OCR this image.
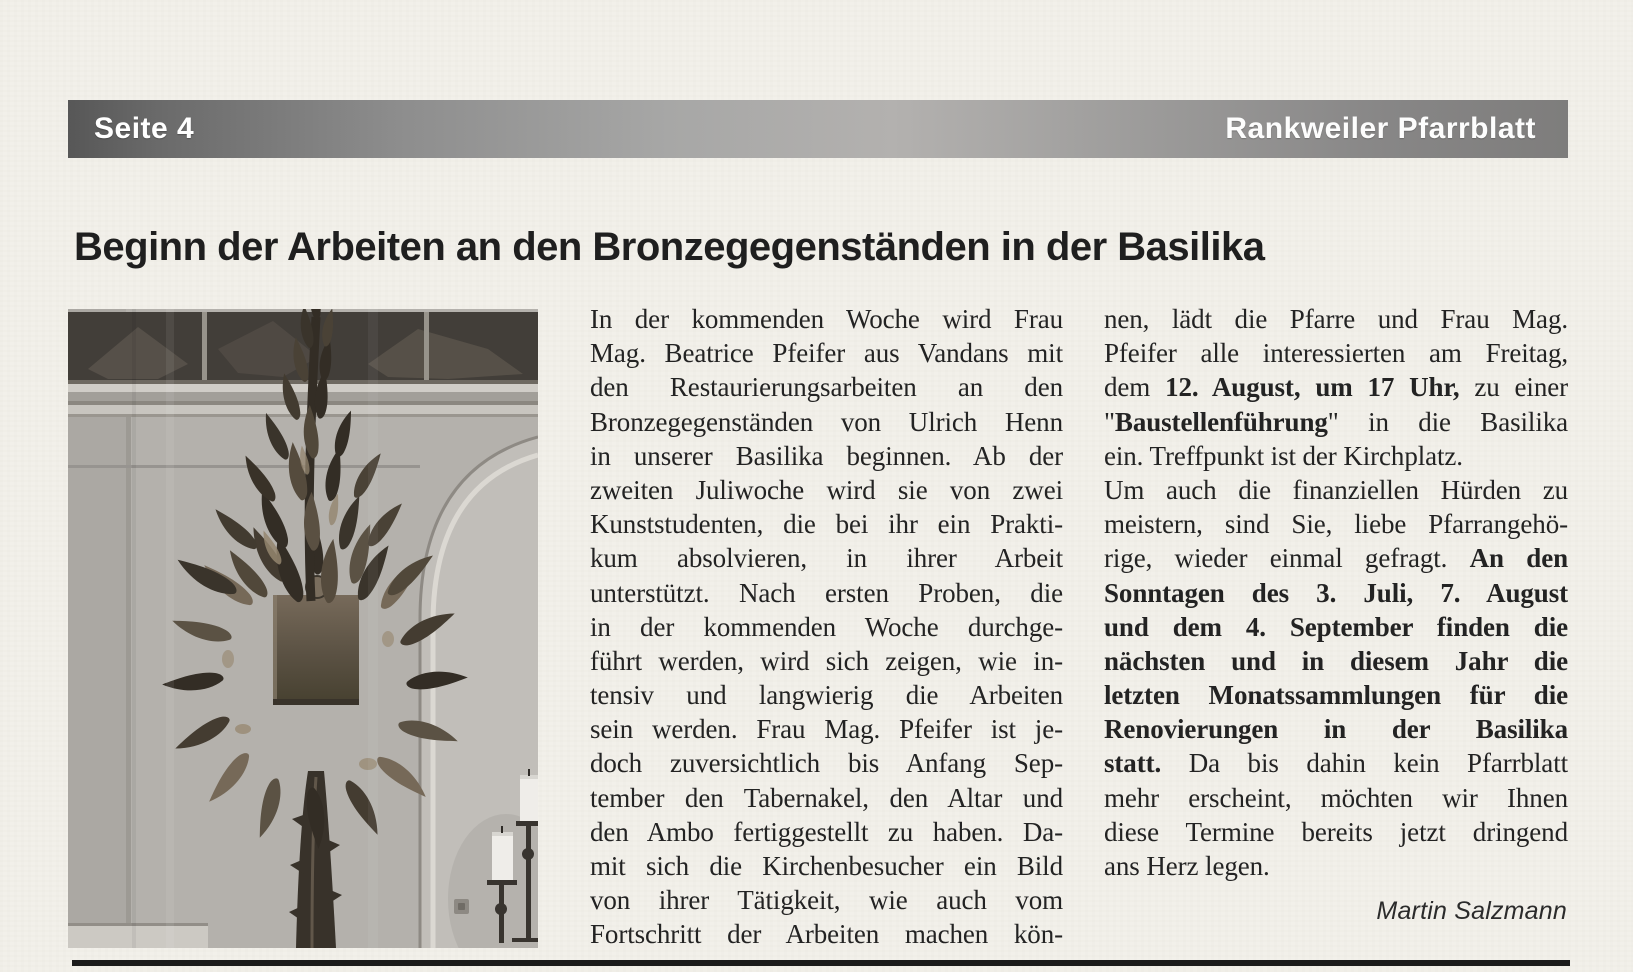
Seite 4	Rankweiler Pfarrblatt
Beginn der Arbeiten an den Bronzegegenständen in der Basilika
In der kommenden Woche wird Frau
Mag. Beatrice Pfeifer aus Vandans mit
den Restaurierungsarbeiten an den
Bronzegegenständen von Ulrich Henn
in unserer Basilika beginnen. Ab der
zweiten Juliwoche wird sie von zwei
Kunststudenten, die bei ihr ein Prakti-
kum absolvieren, in ihrer Arbeit
unterstützt. Nach ersten Proben, die
in der kommenden Woche durchge-
führt werden, wird sich zeigen, wie in-
tensiv und langwierig die Arbeiten
sein werden. Frau Mag. Pfeifer ist je-
doch zuversichtlich bis Anfang Sep-
tember den Tabernakel, den Altar und
den Ambo fertiggestellt zu haben. Da-
mit sich die Kirchenbesucher ein Bild
von ihrer Tätigkeit, wie auch vom
Fortschritt der Arbeiten machen kön-
nen, lädt die Pfarre und Frau Mag.
Pfeifer alle interessierten am Freitag,
dem 12. August, um 17 Uhr, zu einer
"Baustellenführung" in die Basilika
ein. Treffpunkt ist der Kirchplatz.
Um auch die finanziellen Hürden zu
meistern, sind Sie, liebe Pfarrangehö-
rige, wieder einmal gefragt. An den
Sonntagen des 3. Juli, 7. August
und dem 4. September finden die
nächsten und in diesem Jahr die
letzten Monatssammlungen für die
Renovierungen in der Basilika
statt. Da bis dahin kein Pfarrblatt
mehr erscheint, möchten wir Ihnen
diese Termine bereits jetzt dringend
ans Herz legen.
Martin Salzmann
